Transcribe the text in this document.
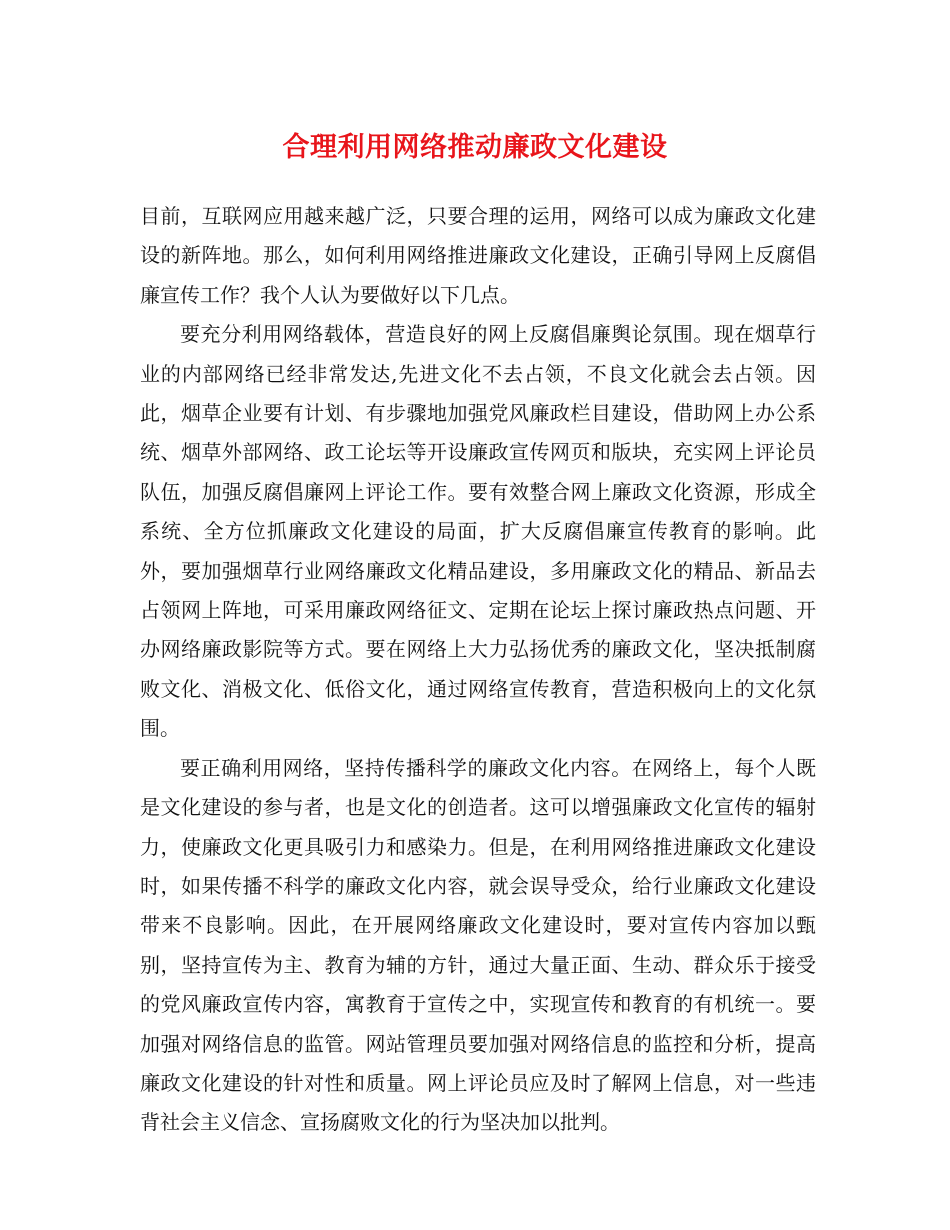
合理利用网络推动廉政文化建设

目前，互联网应用越来越广泛，只要合理的运用，网络可以成为廉政文化建设的新阵地。那么，如何利用网络推进廉政文化建设，正确引导网上反腐倡廉宣传工作？我个人认为要做好以下几点。

要充分利用网络载体，营造良好的网上反腐倡廉舆论氛围。现在烟草行业的内部网络已经非常发达,先进文化不去占领，不良文化就会去占领。因此，烟草企业要有计划、有步骤地加强党风廉政栏目建设，借助网上办公系统、烟草外部网络、政工论坛等开设廉政宣传网页和版块，充实网上评论员队伍，加强反腐倡廉网上评论工作。要有效整合网上廉政文化资源，形成全系统、全方位抓廉政文化建设的局面，扩大反腐倡廉宣传教育的影响。此外，要加强烟草行业网络廉政文化精品建设，多用廉政文化的精品、新品去占领网上阵地，可采用廉政网络征文、定期在论坛上探讨廉政热点问题、开办网络廉政影院等方式。要在网络上大力弘扬优秀的廉政文化，坚决抵制腐败文化、消极文化、低俗文化，通过网络宣传教育，营造积极向上的文化氛围。

要正确利用网络，坚持传播科学的廉政文化内容。在网络上，每个人既是文化建设的参与者，也是文化的创造者。这可以增强廉政文化宣传的辐射力，使廉政文化更具吸引力和感染力。但是，在利用网络推进廉政文化建设时，如果传播不科学的廉政文化内容，就会误导受众，给行业廉政文化建设带来不良影响。因此，在开展网络廉政文化建设时，要对宣传内容加以甄别，坚持宣传为主、教育为辅的方针，通过大量正面、生动、群众乐于接受的党风廉政宣传内容，寓教育于宣传之中，实现宣传和教育的有机统一。要加强对网络信息的监管。网站管理员要加强对网络信息的监控和分析，提高廉政文化建设的针对性和质量。网上评论员应及时了解网上信息，对一些违背社会主义信念、宣扬腐败文化的行为坚决加以批判。
